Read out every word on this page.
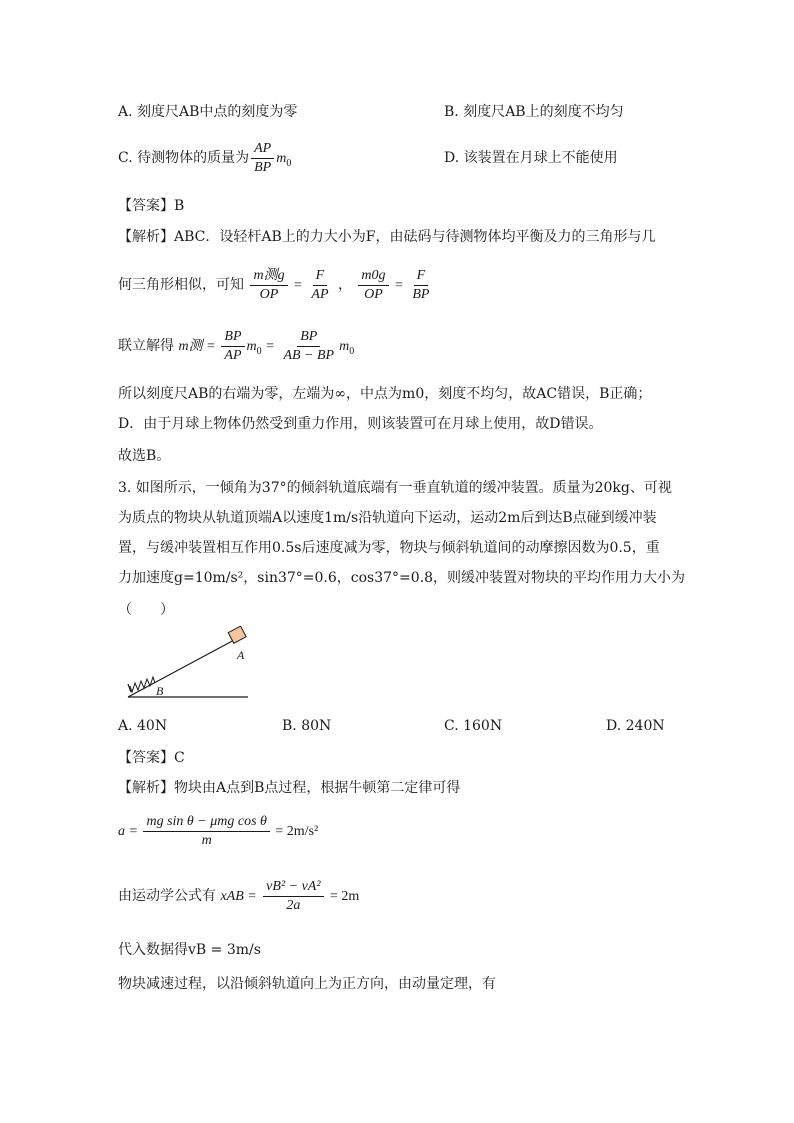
A. 刻度尺AB中点的刻度为零	B. 刻度尺AB上的刻度不均匀
C. 待测物体的质量为 $\frac{AP}{BP} m_0$	D. 该装置在月球上不能使用
【答案】B
【解析】ABC．设轻杆AB上的力大小为F，由砝码与待测物体均平衡及力的三角形与几
何三角形相似，可知 $\frac{\text{m测g}}{OP} = \frac{F}{AP}$ ， $\frac{m0g}{OP} = \frac{F}{BP}$
联立解得 m测 = $\frac{BP}{AP} m_0 = \frac{BP}{AB - BP} m_0$
所以刻度尺AB的右端为零，左端为∞，中点为m0，刻度不均匀，故AC错误，B正确；
D．由于月球上物体仍然受到重力作用，则该装置可在月球上使用，故D错误。
故选B。
3. 如图所示，一倾角为37°的倾斜轨道底端有一垂直轨道的缓冲装置。质量为20kg、可视
为质点的物块从轨道顶端A以速度1m/s沿轨道向下运动，运动2m后到达B点碰到缓冲装
置，与缓冲装置相互作用0.5s后速度减为零，物块与倾斜轨道间的动摩擦因数为0.5，重
力加速度g=10m/s²，sin37°=0.6，cos37°=0.8，则缓冲装置对物块的平均作用力大小为
（　　）
A
B
A. 40N	B. 80N	C. 160N	D. 240N
【答案】C
【解析】物块由A点到B点过程，根据牛顿第二定律可得
$a = \frac{\text{mg sin θ − μmg cos θ}}{m} = 2m/s^2$
由运动学公式有 xAB = $\frac{\text{vB² − vA²}}{2a} = 2m$
代入数据得vB = 3m/s
物块减速过程，以沿倾斜轨道向上为正方向，由动量定理，有
